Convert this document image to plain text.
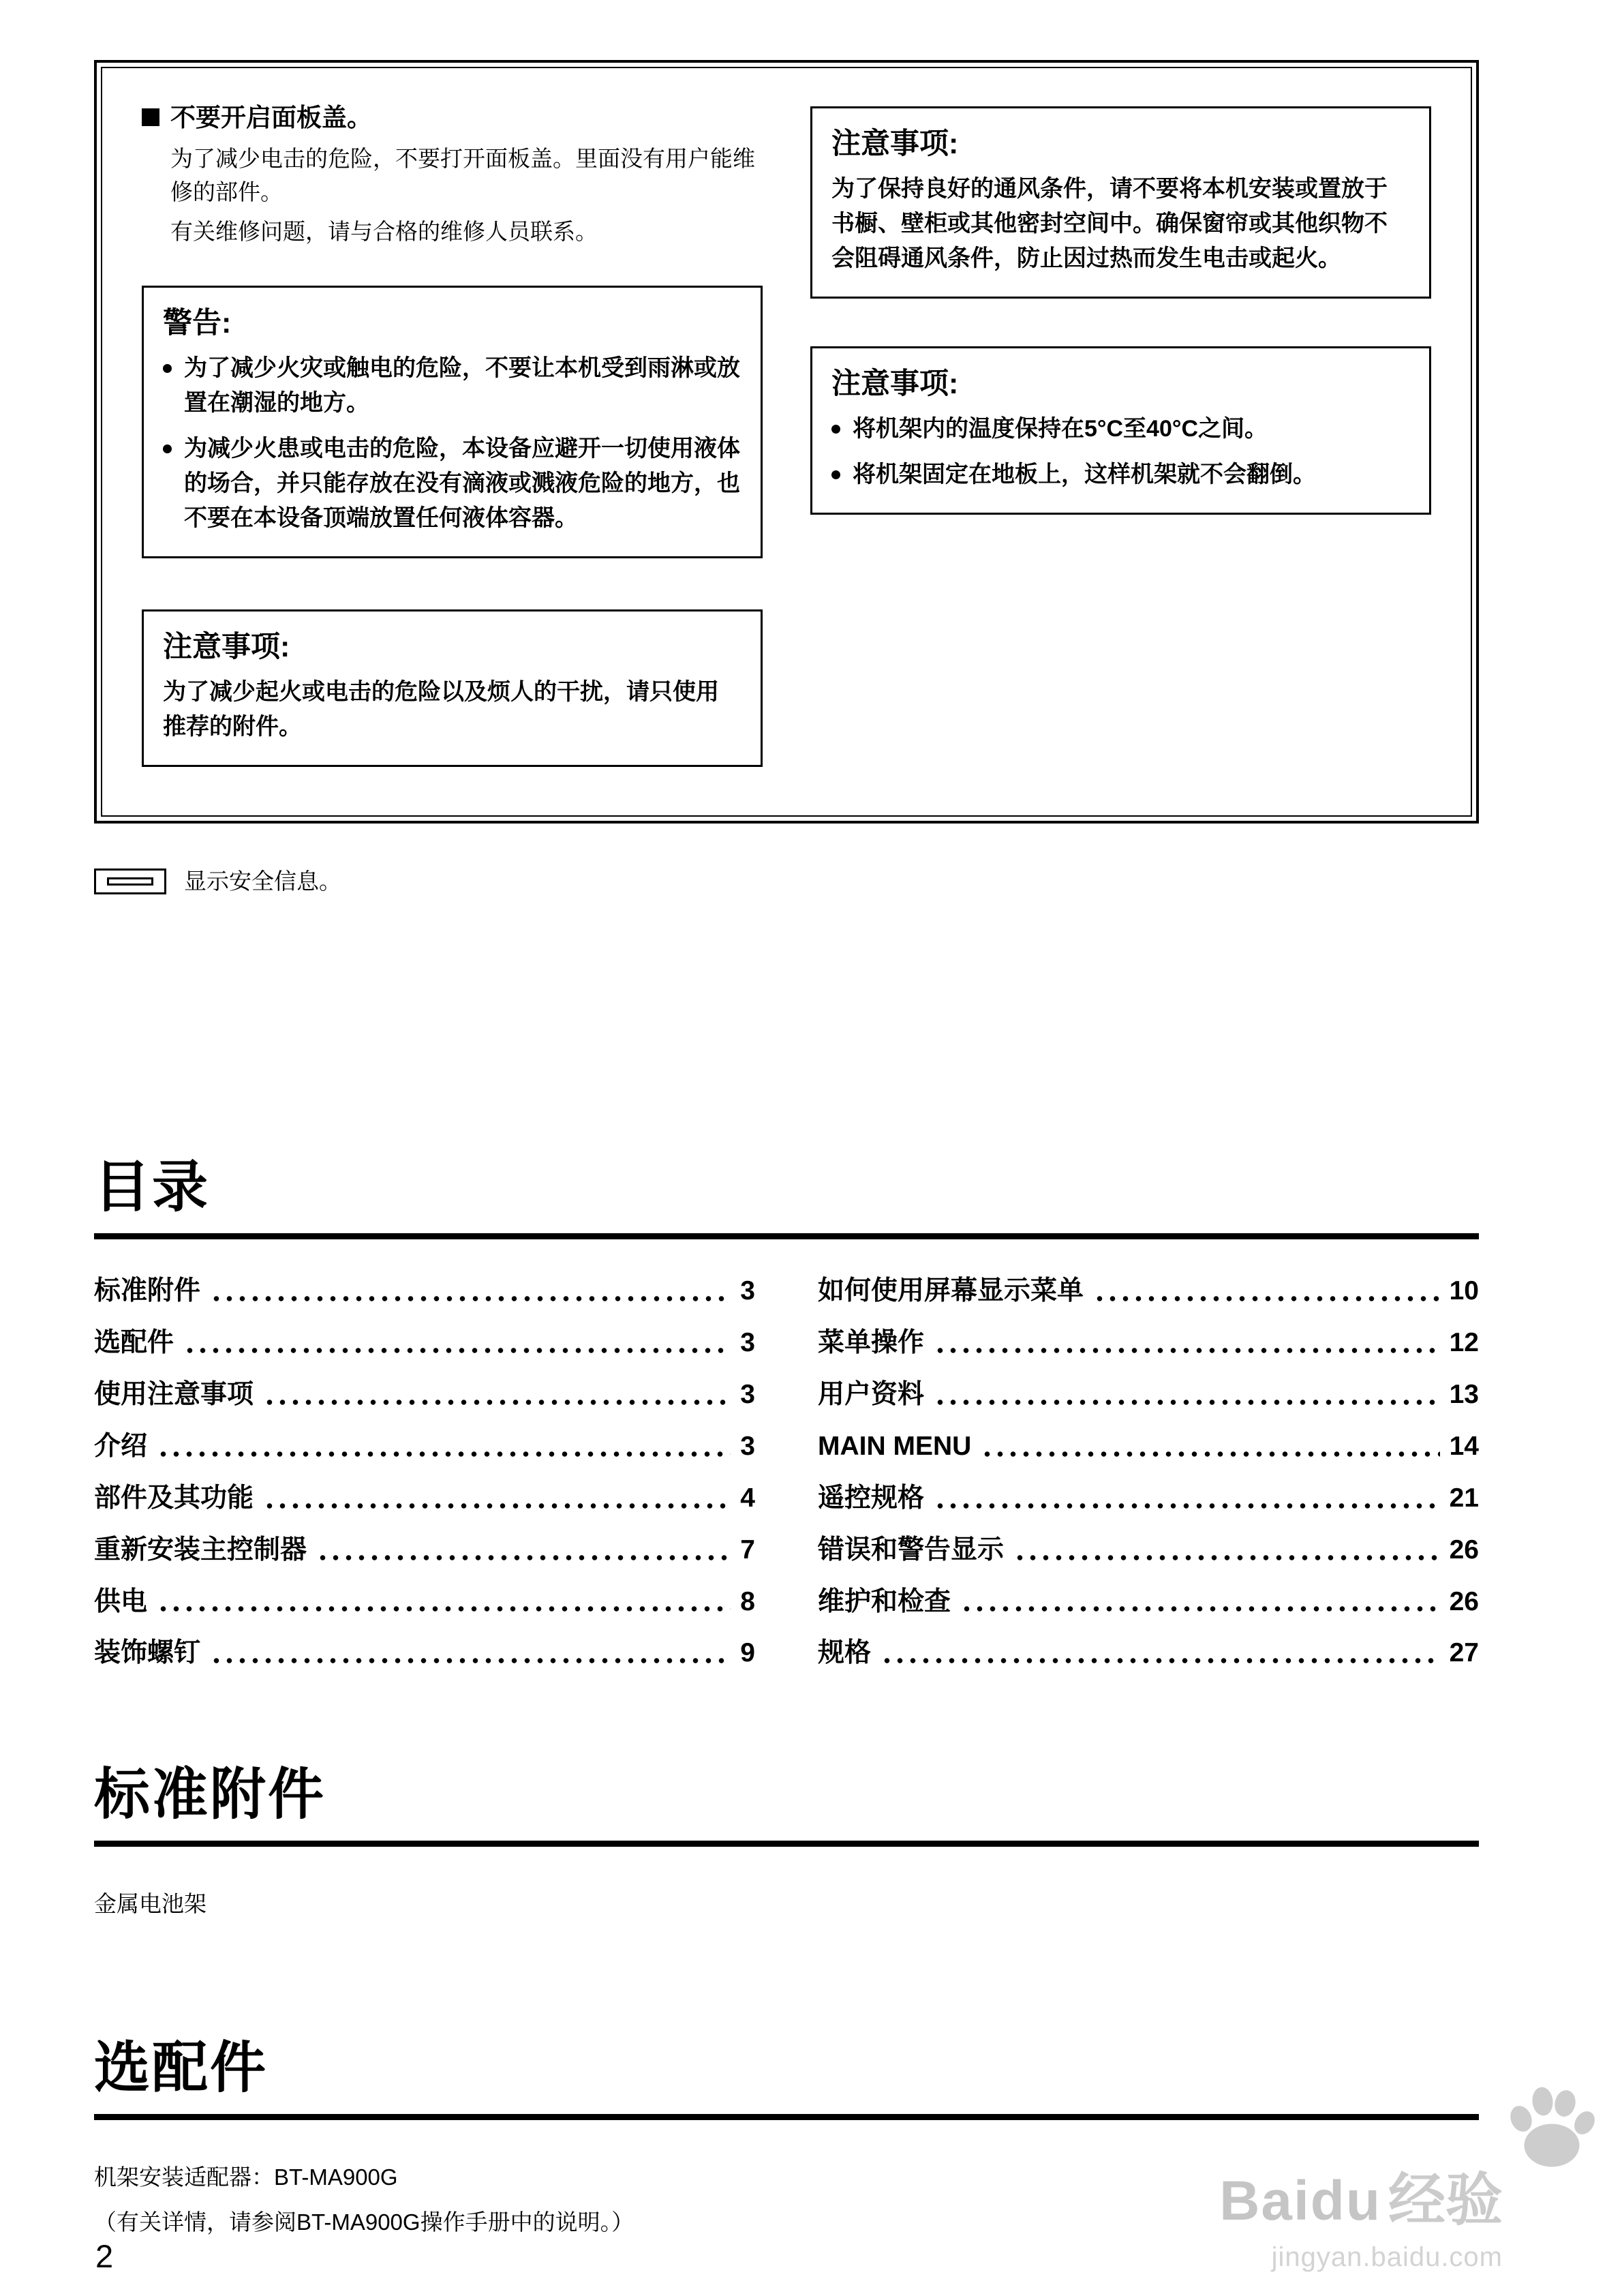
不要开启面板盖。

为了减少电击的危险，不要打开面板盖。里面没有用户能维修的部件。

有关维修问题，请与合格的维修人员联系。

警告:
为了减少火灾或触电的危险，不要让本机受到雨淋或放置在潮湿的地方。
为减少火患或电击的危险，本设备应避开一切使用液体的场合，并只能存放在没有滴液或溅液危险的地方，也不要在本设备顶端放置任何液体容器。
注意事项:

为了减少起火或电击的危险以及烦人的干扰，请只使用推荐的附件。

注意事项:

为了保持良好的通风条件，请不要将本机安装或置放于书橱、壁柜或其他密封空间中。确保窗帘或其他织物不会阻碍通风条件，防止因过热而发生电击或起火。

注意事项:
将机架内的温度保持在5°C至40°C之间。
将机架固定在地板上，这样机架就不会翻倒。
显示安全信息。
目录
标准附件	3
选配件	3
使用注意事项	3
介绍	3
部件及其功能	4
重新安装主控制器	7
供电	8
装饰螺钉	9
如何使用屏幕显示菜单	10
菜单操作	12
用户资料	13
MAIN MENU	14
遥控规格	21
错误和警告显示	26
维护和检查	26
规格	27
标准附件

金属电池架

选配件

机架安装适配器：BT-MA900G

（有关详情，请参阅BT-MA900G操作手册中的说明。）

2
Baidu 经验
jingyan.baidu.com
